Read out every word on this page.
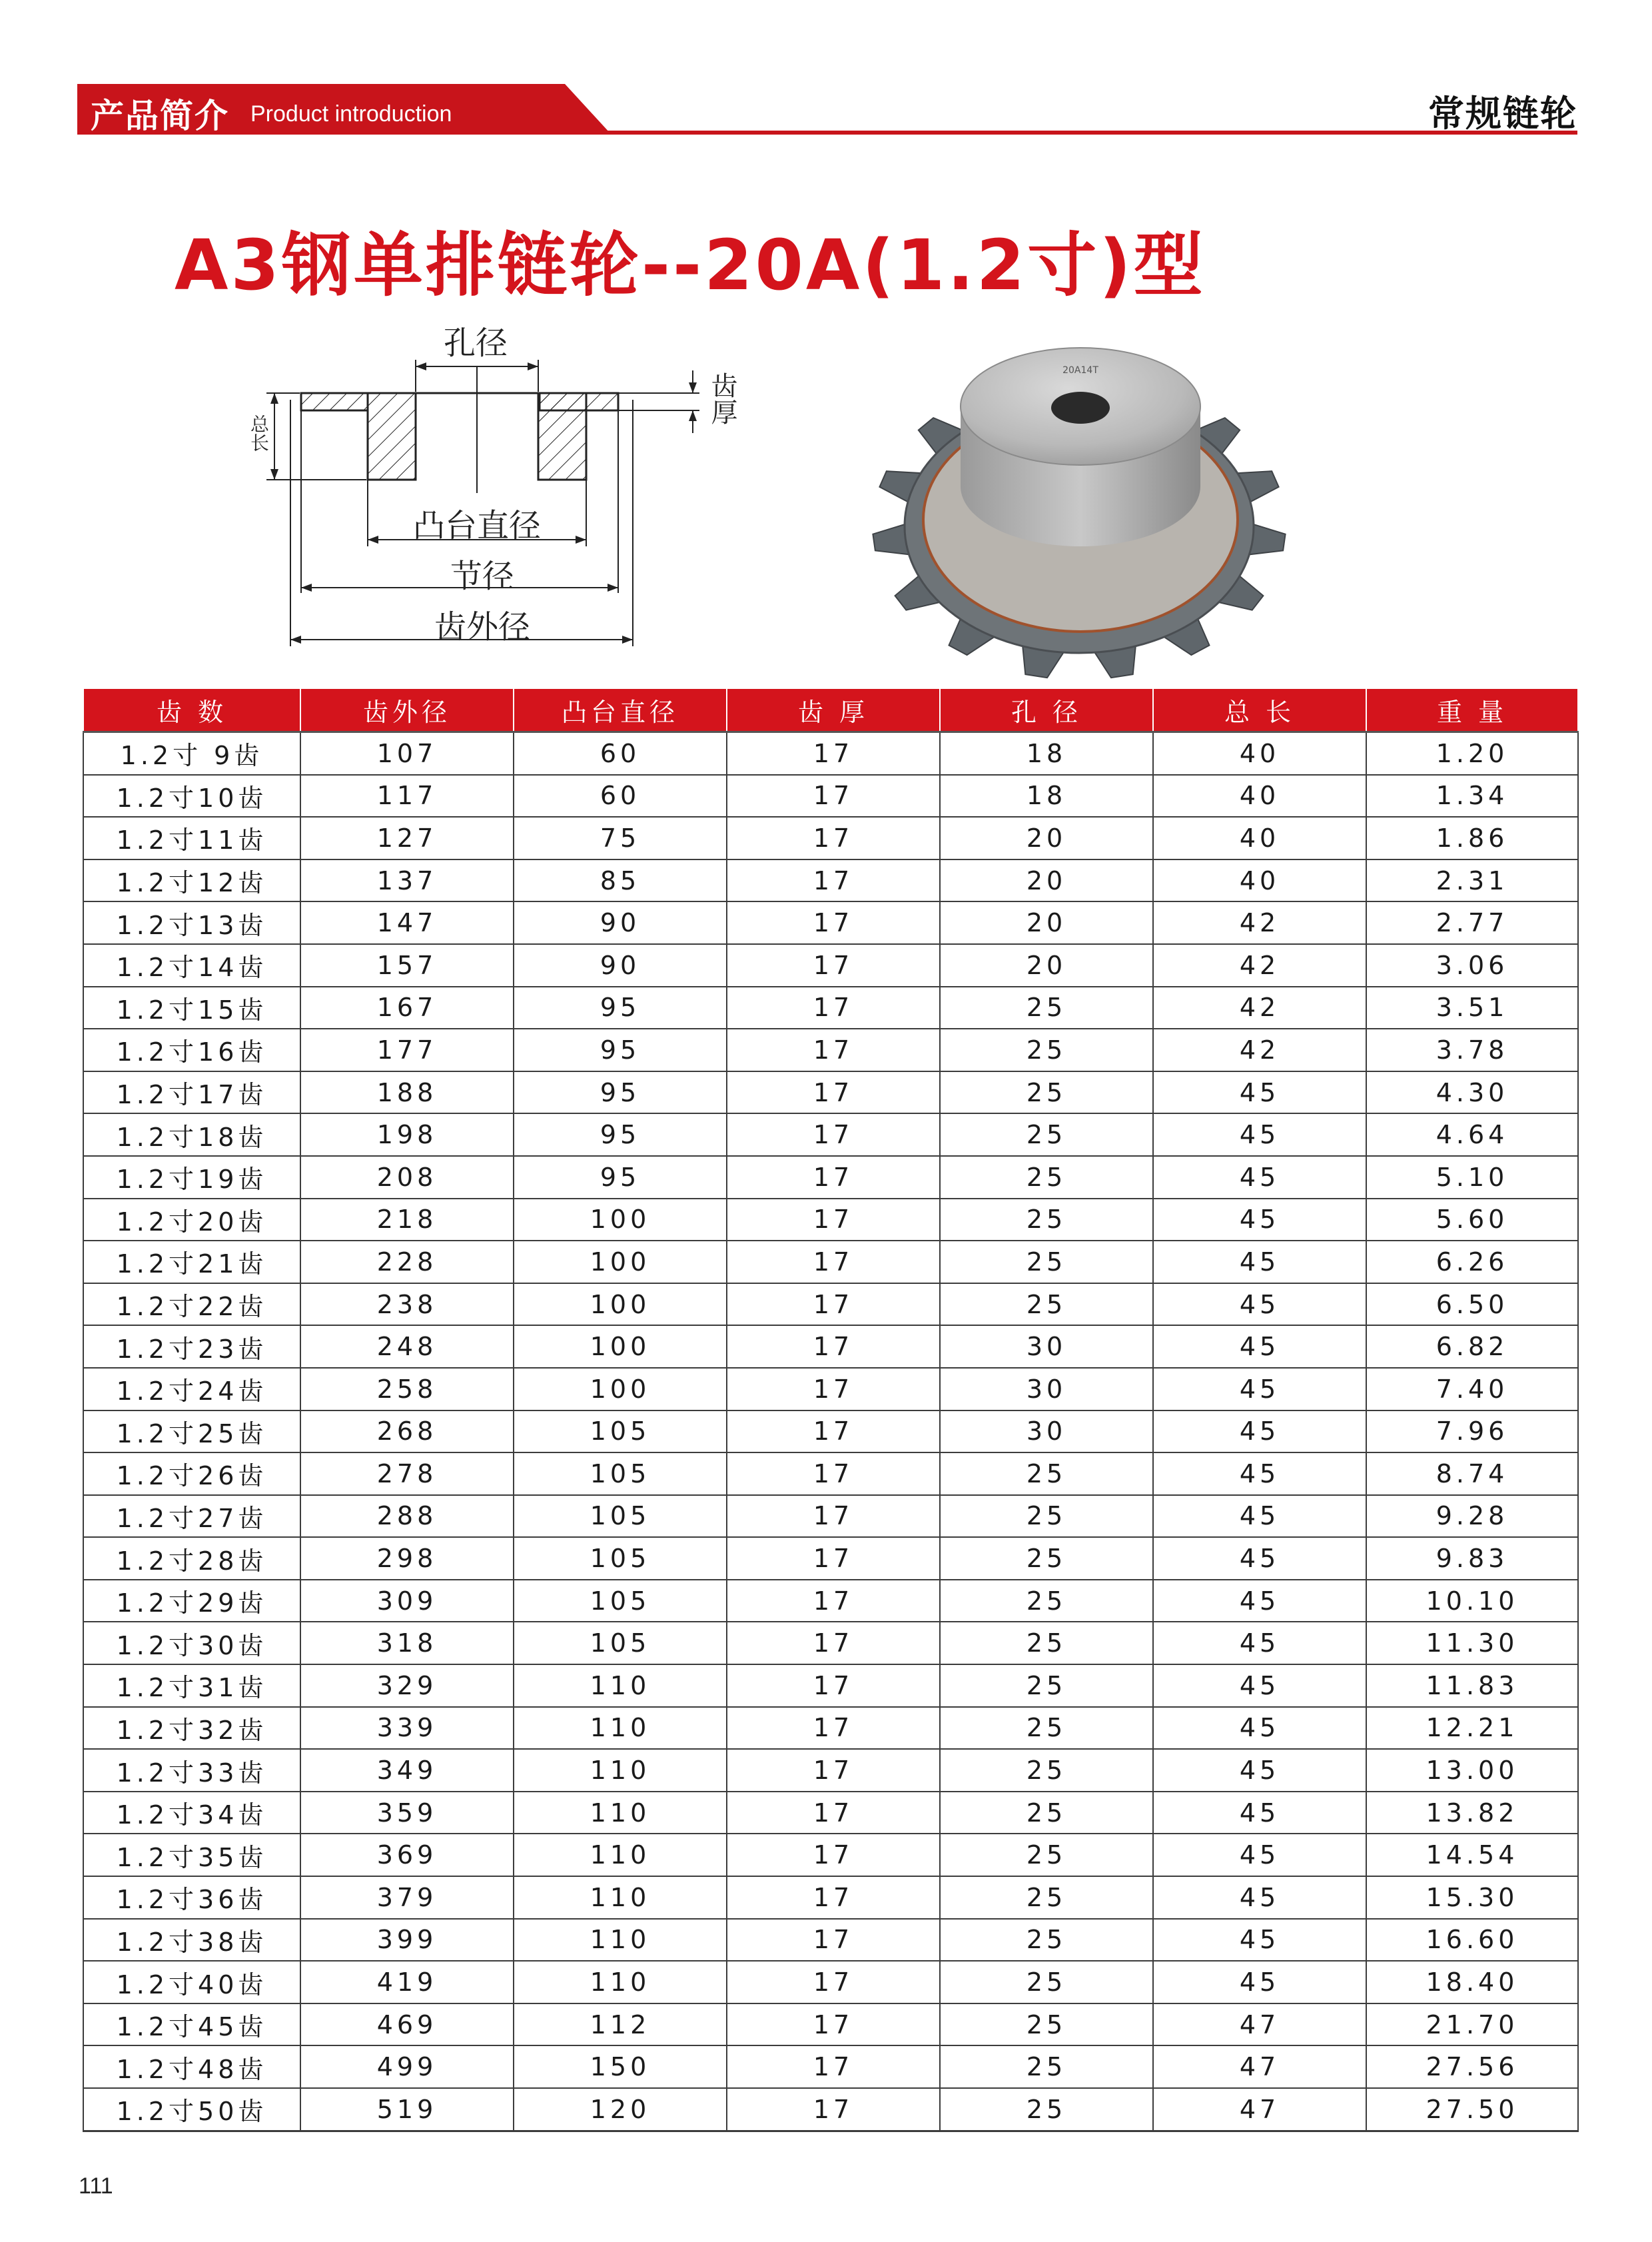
产品简介 Product introduction	常规链轮
A3钢单排链轮--20A(1.2寸)型
孔径
齿厚
总长
凸台直径
节径
齿外径
20A14T
齿 数	齿外径	凸台直径	齿 厚	孔 径	总 长	重 量
1.2寸 9齿	107	60	17	18	40	1.20
1.2寸10齿	117	60	17	18	40	1.34
1.2寸11齿	127	75	17	20	40	1.86
1.2寸12齿	137	85	17	20	40	2.31
1.2寸13齿	147	90	17	20	42	2.77
1.2寸14齿	157	90	17	20	42	3.06
1.2寸15齿	167	95	17	25	42	3.51
1.2寸16齿	177	95	17	25	42	3.78
1.2寸17齿	188	95	17	25	45	4.30
1.2寸18齿	198	95	17	25	45	4.64
1.2寸19齿	208	95	17	25	45	5.10
1.2寸20齿	218	100	17	25	45	5.60
1.2寸21齿	228	100	17	25	45	6.26
1.2寸22齿	238	100	17	25	45	6.50
1.2寸23齿	248	100	17	30	45	6.82
1.2寸24齿	258	100	17	30	45	7.40
1.2寸25齿	268	105	17	30	45	7.96
1.2寸26齿	278	105	17	25	45	8.74
1.2寸27齿	288	105	17	25	45	9.28
1.2寸28齿	298	105	17	25	45	9.83
1.2寸29齿	309	105	17	25	45	10.10
1.2寸30齿	318	105	17	25	45	11.30
1.2寸31齿	329	110	17	25	45	11.83
1.2寸32齿	339	110	17	25	45	12.21
1.2寸33齿	349	110	17	25	45	13.00
1.2寸34齿	359	110	17	25	45	13.82
1.2寸35齿	369	110	17	25	45	14.54
1.2寸36齿	379	110	17	25	45	15.30
1.2寸38齿	399	110	17	25	45	16.60
1.2寸40齿	419	110	17	25	45	18.40
1.2寸45齿	469	112	17	25	47	21.70
1.2寸48齿	499	150	17	25	47	27.56
1.2寸50齿	519	120	17	25	47	27.50
111
